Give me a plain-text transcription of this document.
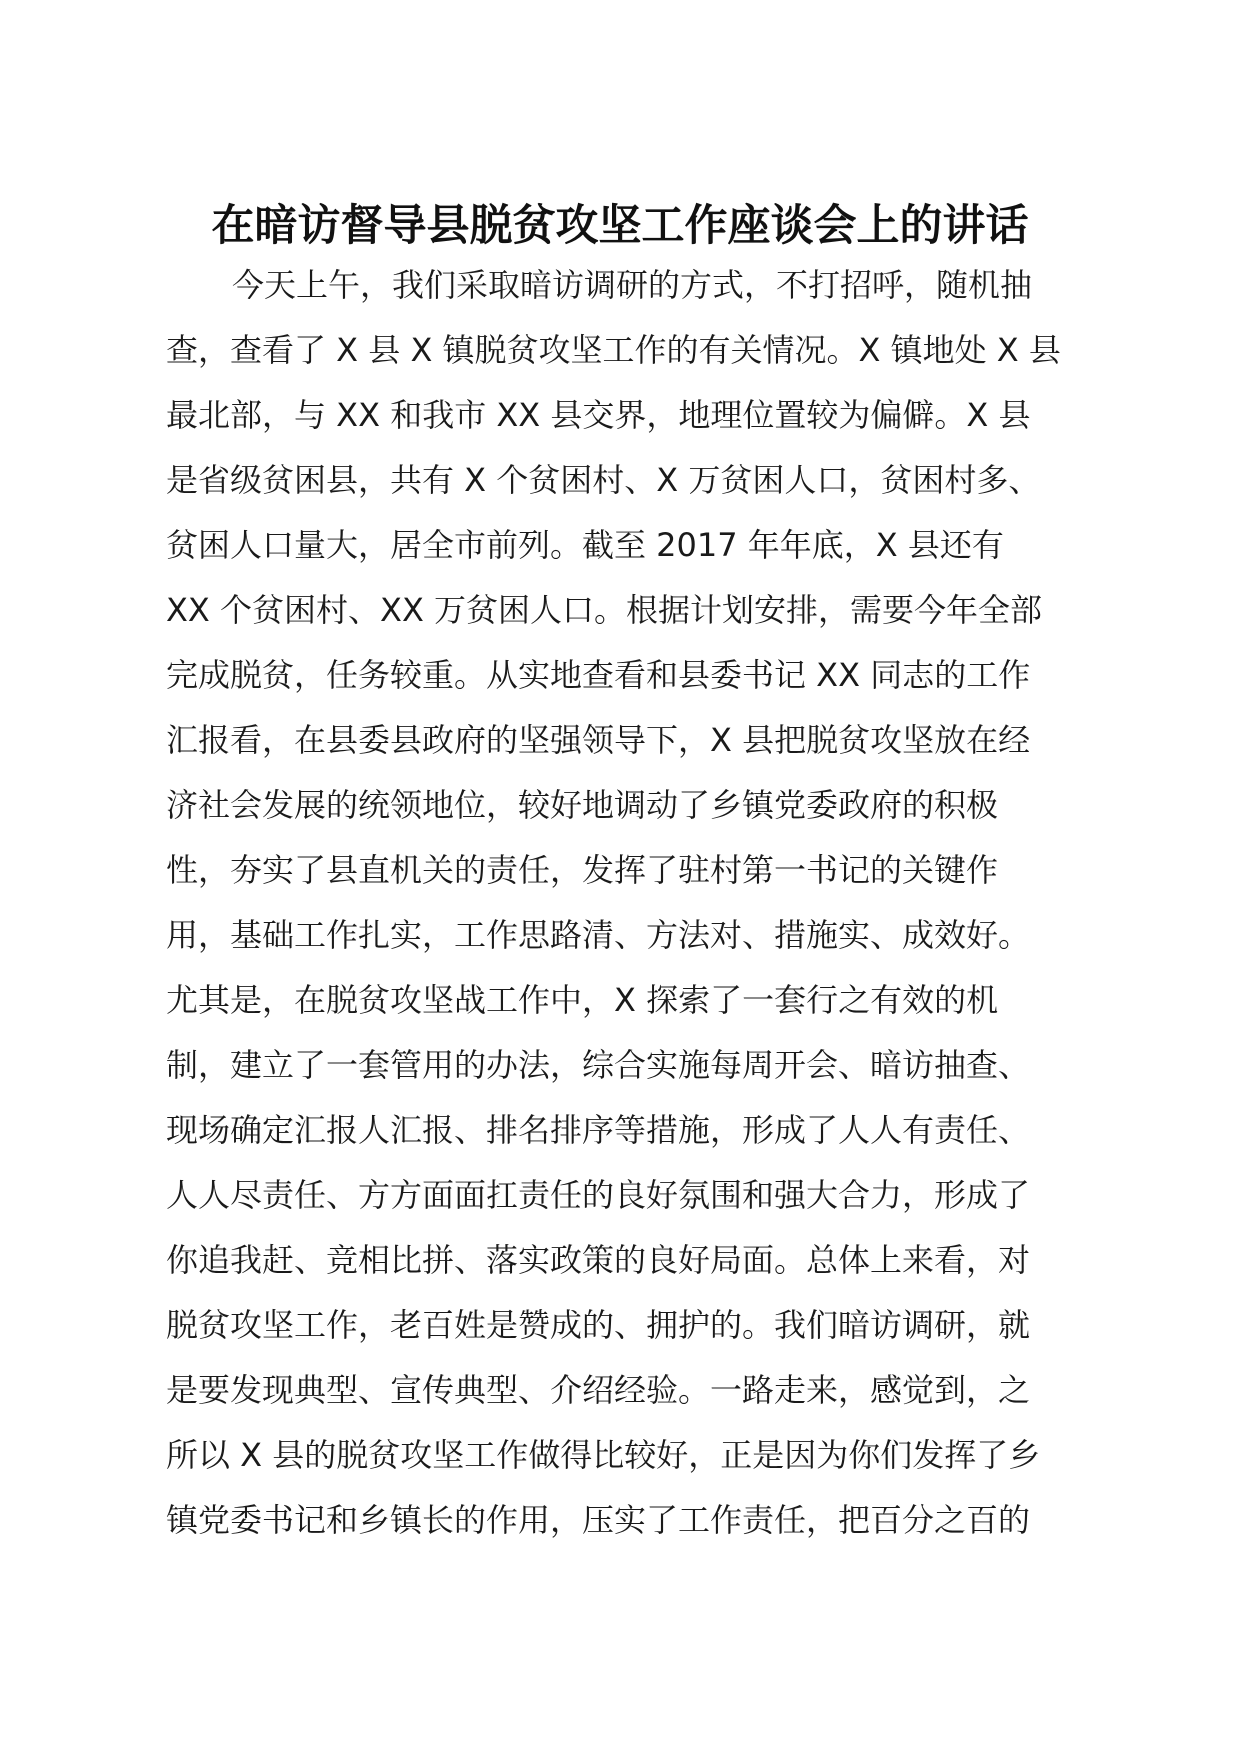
在暗访督导县脱贫攻坚工作座谈会上的讲话
今天上午，我们采取暗访调研的方式，不打招呼，随机抽
查，查看了 X 县 X 镇脱贫攻坚工作的有关情况。X 镇地处 X 县
最北部，与 XX 和我市 XX 县交界，地理位置较为偏僻。X 县
是省级贫困县，共有 X 个贫困村、X 万贫困人口，贫困村多、
贫困人口量大，居全市前列。截至 2017 年年底，X 县还有
XX 个贫困村、XX 万贫困人口。根据计划安排，需要今年全部
完成脱贫，任务较重。从实地查看和县委书记 XX 同志的工作
汇报看，在县委县政府的坚强领导下，X 县把脱贫攻坚放在经
济社会发展的统领地位，较好地调动了乡镇党委政府的积极
性，夯实了县直机关的责任，发挥了驻村第一书记的关键作
用，基础工作扎实，工作思路清、方法对、措施实、成效好。
尤其是，在脱贫攻坚战工作中，X 探索了一套行之有效的机
制，建立了一套管用的办法，综合实施每周开会、暗访抽查、
现场确定汇报人汇报、排名排序等措施，形成了人人有责任、
人人尽责任、方方面面扛责任的良好氛围和强大合力，形成了
你追我赶、竞相比拼、落实政策的良好局面。总体上来看，对
脱贫攻坚工作，老百姓是赞成的、拥护的。我们暗访调研，就
是要发现典型、宣传典型、介绍经验。一路走来，感觉到，之
所以 X 县的脱贫攻坚工作做得比较好，正是因为你们发挥了乡
镇党委书记和乡镇长的作用，压实了工作责任，把百分之百的
